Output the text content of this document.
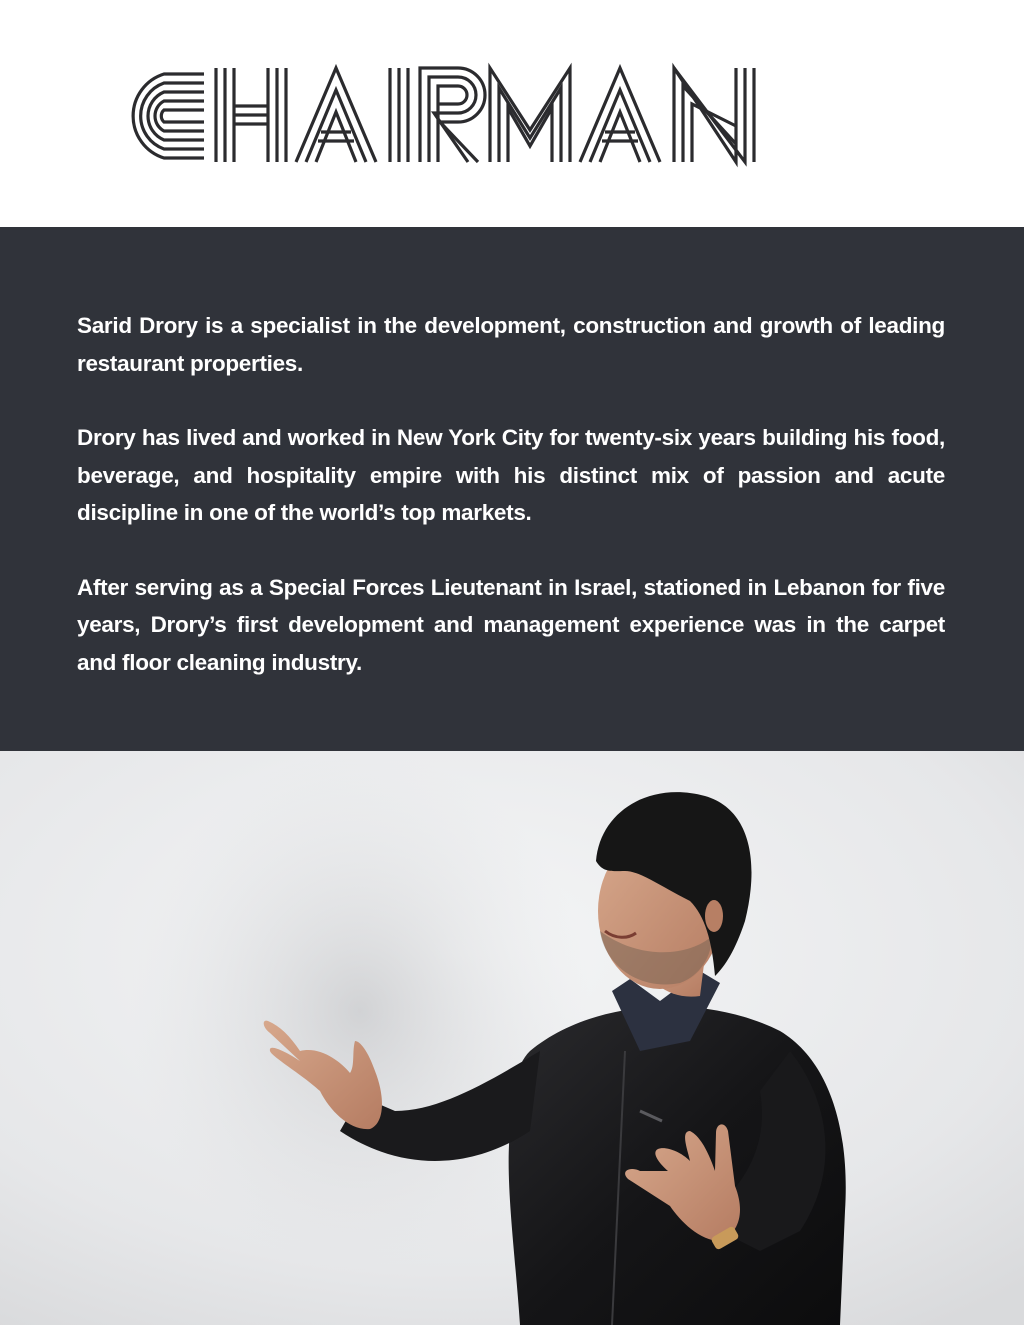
Sarid Drory is a specialist in the development, construction and growth of leading restaurant properties.

Drory has lived and worked in New York City for twenty-six years building his food, beverage, and hospitality empire with his distinct mix of passion and acute discipline in one of the world’s top markets.

After serving as a Special Forces Lieutenant in Israel, stationed in Lebanon for five years, Drory’s first development and management experience was in the carpet and floor cleaning industry.
